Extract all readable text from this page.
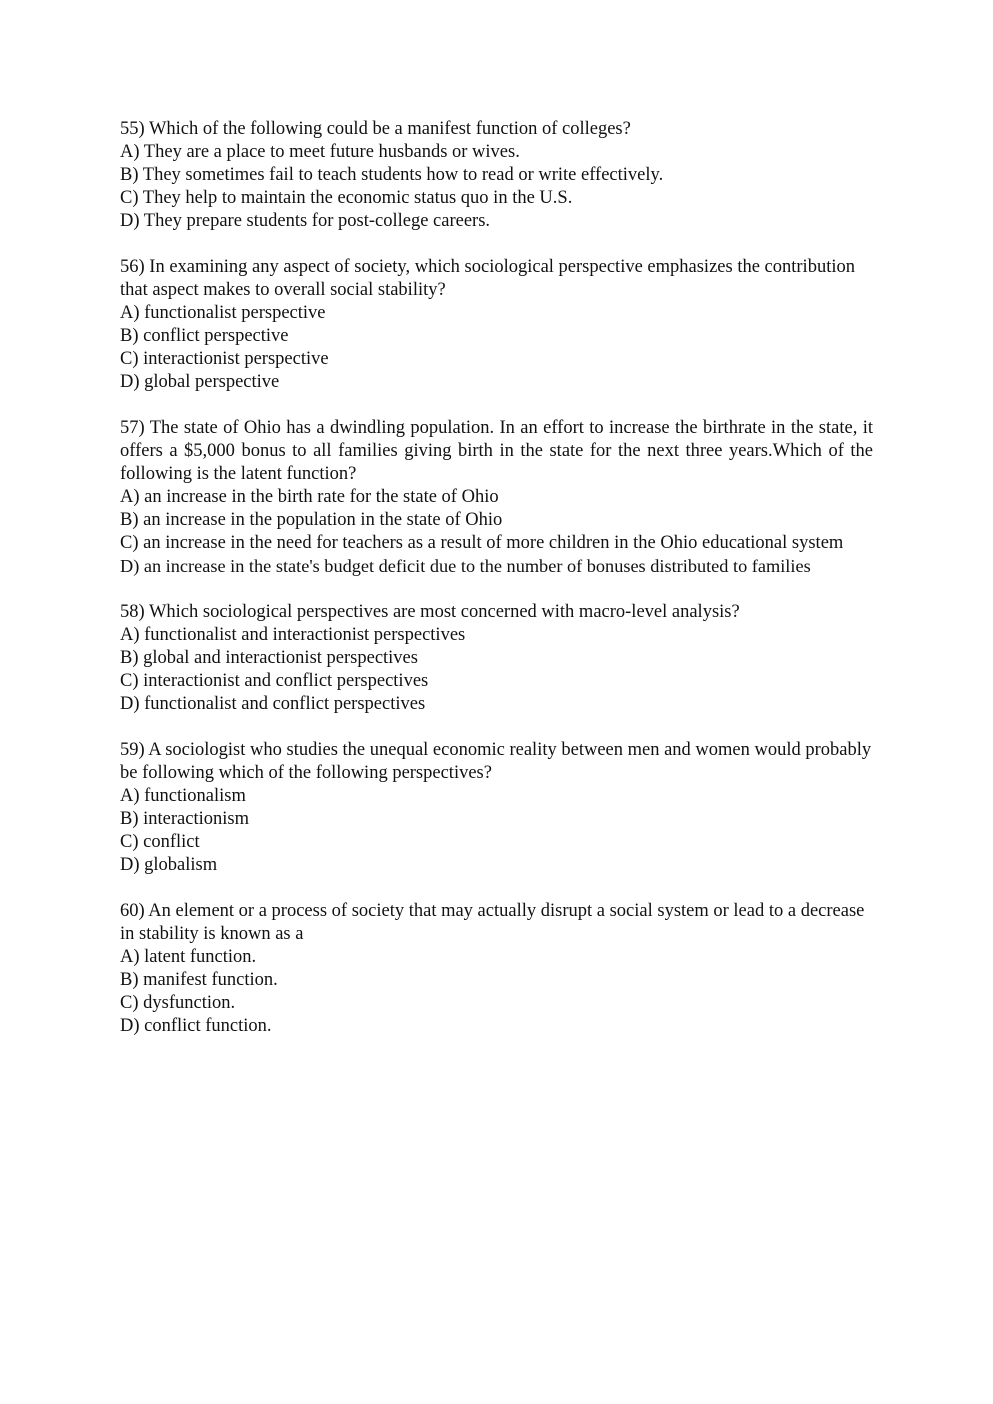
55) Which of the following could be a manifest function of colleges?

A) They are a place to meet future husbands or wives.

B) They sometimes fail to teach students how to read or write effectively.

C) They help to maintain the economic status quo in the U.S.

D) They prepare students for post-college careers.

56) In examining any aspect of society, which sociological perspective emphasizes the contribution that aspect makes to overall social stability?

A) functionalist perspective

B) conflict perspective

C) interactionist perspective

D) global perspective

57) The state of Ohio has a dwindling population. In an effort to increase the birthrate in the state, it offers a $5,000 bonus to all families giving birth in the state for the next three years.Which of the following is the latent function?

A) an increase in the birth rate for the state of Ohio

B) an increase in the population in the state of Ohio

C) an increase in the need for teachers as a result of more children in the Ohio educational system

D) an increase in the state's budget deficit due to the number of bonuses distributed to families

58) Which sociological perspectives are most concerned with macro-level analysis?

A) functionalist and interactionist perspectives

B) global and interactionist perspectives

C) interactionist and conflict perspectives

D) functionalist and conflict perspectives

59) A sociologist who studies the unequal economic reality between men and women would probably be following which of the following perspectives?

A) functionalism

B) interactionism

C) conflict

D) globalism

60) An element or a process of society that may actually disrupt a social system or lead to a decrease in stability is known as a

A) latent function.

B) manifest function.

C) dysfunction.

D) conflict function.
